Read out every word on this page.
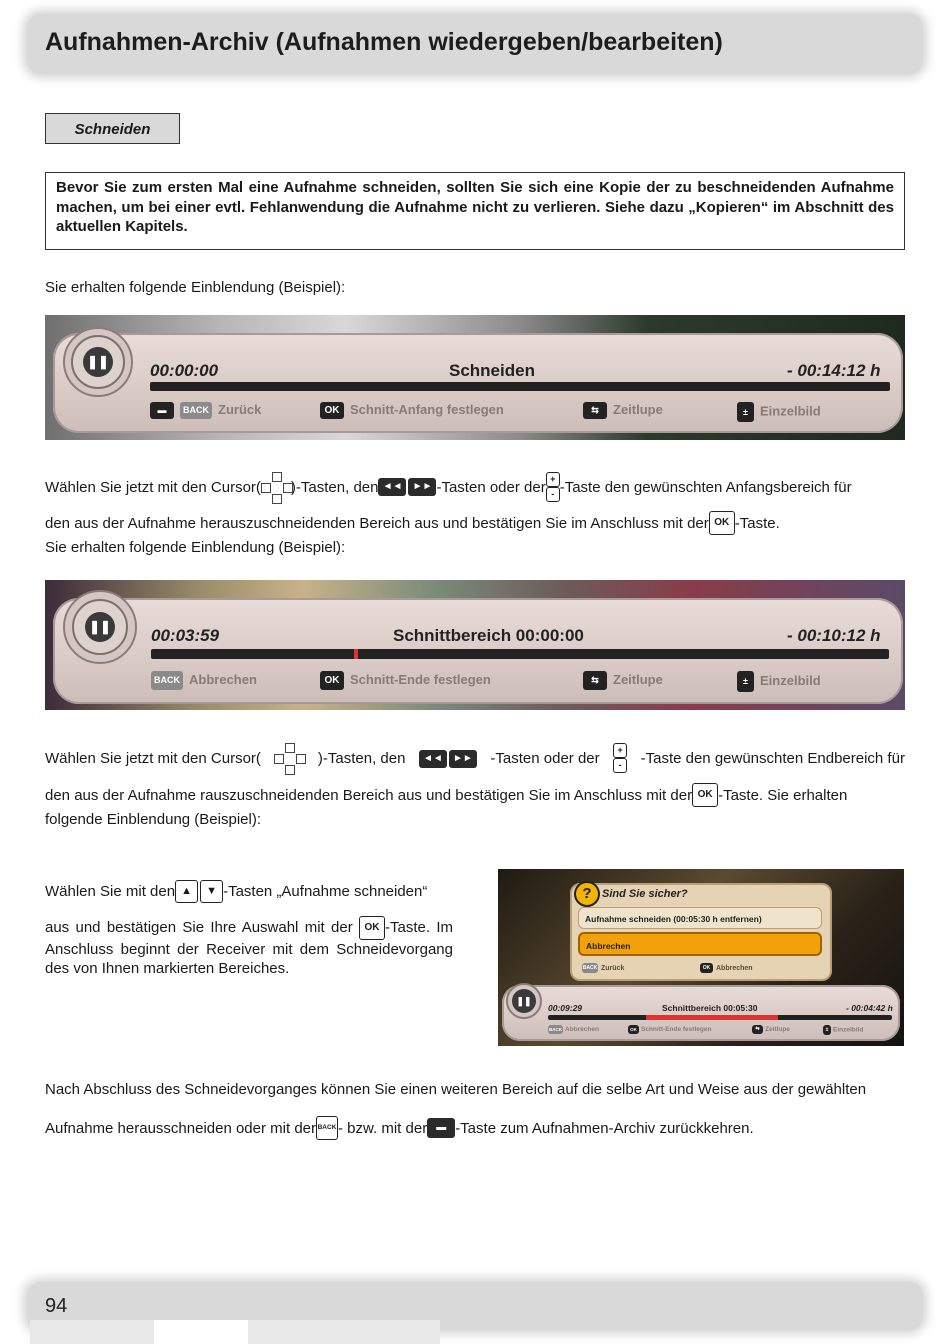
Aufnahmen-Archiv (Aufnahmen wiedergeben/bearbeiten)
Schneiden
Bevor Sie zum ersten Mal eine Aufnahme schneiden, sollten Sie sich eine Kopie der zu beschneidenden Aufnahme machen, um bei einer evtl. Fehlanwendung die Aufnahme nicht zu verlieren. Siehe dazu „Kopieren“ im Abschnitt des aktuellen Kapitels.
Sie erhalten folgende Einblendung (Beispiel):
❚❚ 00:00:00	Schneiden	- 00:14:12 h
▬ BACK Zurück	OK Schnitt-Anfang festlegen	⇆ Zeitlupe	± Einzelbild
Wählen Sie jetzt mit den Cursor( )-Tasten, den ◄◄	►► -Tasten oder der +
- -Taste den gewünschten Anfangsbereich für
den aus der Aufnahme herauszuschneidenden Bereich aus und bestätigen Sie im Anschluss mit der OK -Taste.
Sie erhalten folgende Einblendung (Beispiel):
❚❚ 00:03:59	Schnittbereich 00:00:00	- 00:10:12 h
BACK Abbrechen	OK Schnitt-Ende festlegen	⇆ Zeitlupe	± Einzelbild
Wählen Sie jetzt mit den Cursor(	)-Tasten, den	◄◄ ►► -Tasten oder der	+
-	-Taste den gewünschten Endbereich für
den aus der Aufnahme rauszuschneidenden Bereich aus und bestätigen Sie im Anschluss mit der OK -Taste. Sie erhalten
folgende Einblendung (Beispiel):
Wählen Sie mit den ▲	▼ -Tasten „Aufnahme schneiden“
aus und bestätigen Sie Ihre Auswahl mit der OK -Taste. Im Anschluss beginnt der Receiver mit dem Schneidevorgang des von Ihnen markierten Bereiches.
? Sind Sie sicher?
Aufnahme schneiden (00:05:30 h entfernen)
Abbrechen
BACK Zurück	OK Abbrechen
❚❚
00:09:29	Schnittbereich 00:05:30	- 00:04:42 h
BACK Abbrechen	OK Schnitt-Ende festlegen	⇆ Zeitlupe	± Einzelbild
Nach Abschluss des Schneidevorganges können Sie einen weiteren Bereich auf die selbe Art und Weise aus der gewählten
Aufnahme herausschneiden oder mit der BACK - bzw. mit der ▬ -Taste zum Aufnahmen-Archiv zurückkehren.
94
